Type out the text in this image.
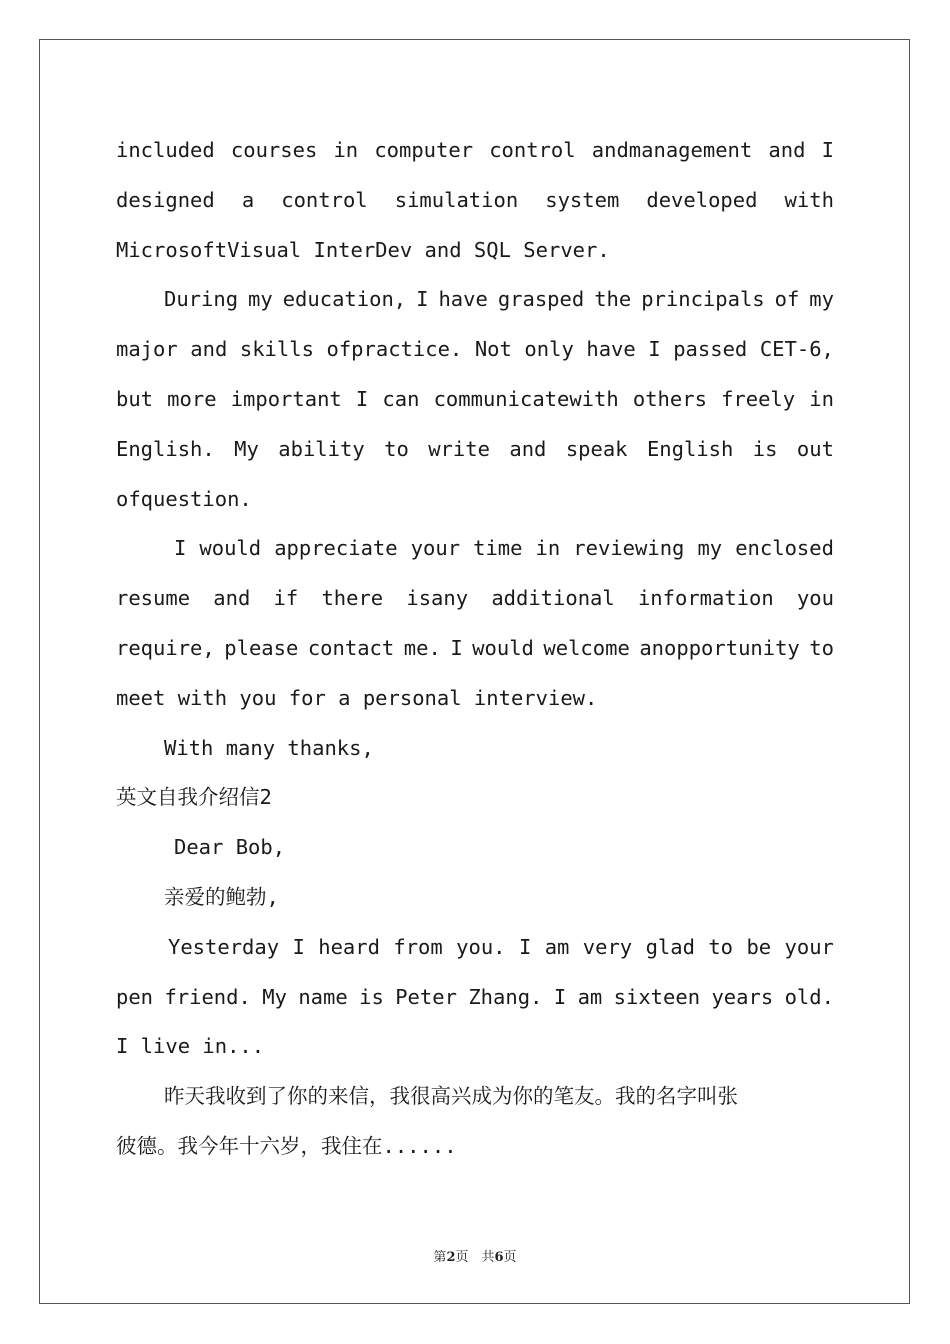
included courses in computer control andmanagement and I
designed a control simulation system developed with
MicrosoftVisual InterDev and SQL Server.
During my education, I have grasped the principals of my
major and skills ofpractice. Not only have I passed CET-6,
but more important I can communicatewith others freely in
English. My ability to write and speak English is out
ofquestion.
I would appreciate your time in reviewing my enclosed
resume and if there isany additional information you
require, please contact me. I would welcome anopportunity to
meet with you for a personal interview.
With many thanks,
英文自我介绍信2
Dear Bob,
亲爱的鲍勃,
Yesterday I heard from you. I am very glad to be your
pen friend. My name is Peter Zhang. I am sixteen years old.
I live in...
昨天我收到了你的来信，我很高兴成为你的笔友。我的名字叫张
彼德。我今年十六岁，我住在......
第2页　共6页
